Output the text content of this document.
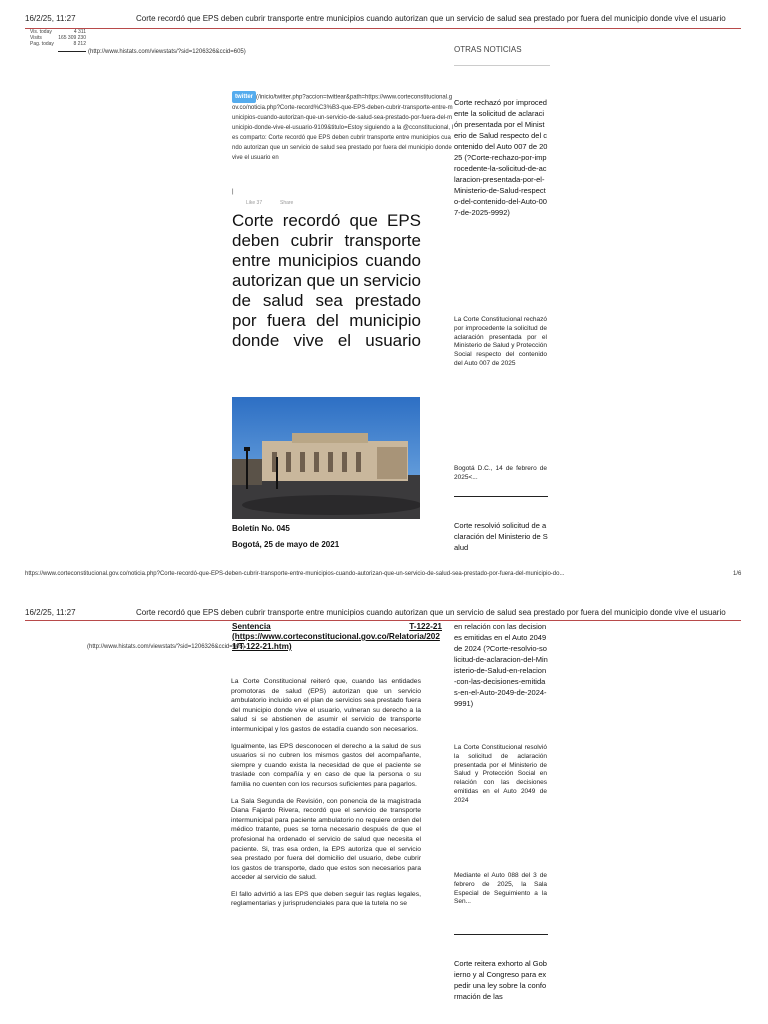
16/2/25, 11:27	Corte recordó que EPS deben cubrir transporte entre municipios cuando autorizan que un servicio de salud sea prestado por fuera del municipio donde vive el usuario
Vis. today	4 311
Visits	165 309 230
Pag. today	8 212
(http://www.histats.com/viewstats/?sid=1206326&ccid=605)	OTRAS NOTICIAS
twitter (/inicio/twitter.php?accion=twittear&path=https://www.corteconstitucional.gov.co/noticia.php?Corte-record%C3%B3-que-EPS-deben-cubrir-transporte-entre-municipios-cuando-autorizan-que-un-servicio-de-salud-sea-prestado-por-fuera-del-municipio-donde-vive-el-usuario-9109&titulo=Estoy siguiendo a la @cconstitucional, les comparto: Corte recordó que EPS deben cubrir transporte entre municipios cuando autorizan que un servicio de salud sea prestado por fuera del municipio donde vive el usuario en
|
Like 37	Share
Corte recordó que EPS deben cubrir transporte entre municipios cuando autorizan que un servicio de salud sea prestado por fuera del municipio donde vive el usuario
Boletín No. 045
Bogotá, 25 de mayo de 2021
Corte rechazó por improcedente la solicitud de aclaración presentada por el Ministerio de Salud respecto del contenido del Auto 007 de 2025 (?Corte-rechazo-por-improcedente-la-solicitud-de-aclaracion-presentada-por-el-Ministerio-de-Salud-respecto-del-contenido-del-Auto-007-de-2025-9992)
La Corte Constitucional rechazó por improcedente la solicitud de aclaración presentada por el Ministerio de Salud y Protección Social respecto del contenido del Auto 007 de 2025
Bogotá D.C., 14 de febrero de 2025<...
Corte resolvió solicitud de aclaración del Ministerio de Salud
https://www.corteconstitucional.gov.co/noticia.php?Corte-recordó-que-EPS-deben-cubrir-transporte-entre-municipios-cuando-autorizan-que-un-servicio-de-salud-sea-prestado-por-fuera-del-municipio-do...	1/6
16/2/25, 11:27	Corte recordó que EPS deben cubrir transporte entre municipios cuando autorizan que un servicio de salud sea prestado por fuera del municipio donde vive el usuario
(http://www.histats.com/viewstats/?sid=1206326&ccid=605)
Sentencia	T-122-21
(https://www.corteconstitucional.gov.co/Relatoria/2021/T-122-21.htm)

La Corte Constitucional reiteró que, cuando las entidades promotoras de salud (EPS) autorizan que un servicio ambulatorio incluido en el plan de servicios sea prestado fuera del municipio donde vive el usuario, vulneran su derecho a la salud si se abstienen de asumir el servicio de transporte intermunicipal y los gastos de estadía cuando son necesarios.

Igualmente, las EPS desconocen el derecho a la salud de sus usuarios si no cubren los mismos gastos del acompañante, siempre y cuando exista la necesidad de que el paciente se traslade con compañía y en caso de que la persona o su familia no cuenten con los recursos suficientes para pagarlos.

La Sala Segunda de Revisión, con ponencia de la magistrada Diana Fajardo Rivera, recordó que el servicio de transporte intermunicipal para paciente ambulatorio no requiere orden del médico tratante, pues se torna necesario después de que el profesional ha ordenado el servicio de salud que necesita el paciente. Si, tras esa orden, la EPS autoriza que el servicio sea prestado por fuera del domicilio del usuario, debe cubrir los gastos de transporte, dado que estos son necesarios para acceder al servicio de salud.

El fallo advirtió a las EPS que deben seguir las reglas legales, reglamentarias y jurisprudenciales para que la tutela no se

en relación con las decisiones emitidas en el Auto 2049 de 2024 (?Corte-resolvio-solicitud-de-aclaracion-del-Ministerio-de-Salud-en-relacion-con-las-decisiones-emitidas-en-el-Auto-2049-de-2024-9991)
La Corte Constitucional resolvió la solicitud de aclaración presentada por el Ministerio de Salud y Protección Social en relación con las decisiones emitidas en el Auto 2049 de 2024
Mediante el Auto 088 del 3 de febrero de 2025, la Sala Especial de Seguimiento a la Sen...
Corte reitera exhorto al Gobierno y al Congreso para expedir una ley sobre la conformación de las
